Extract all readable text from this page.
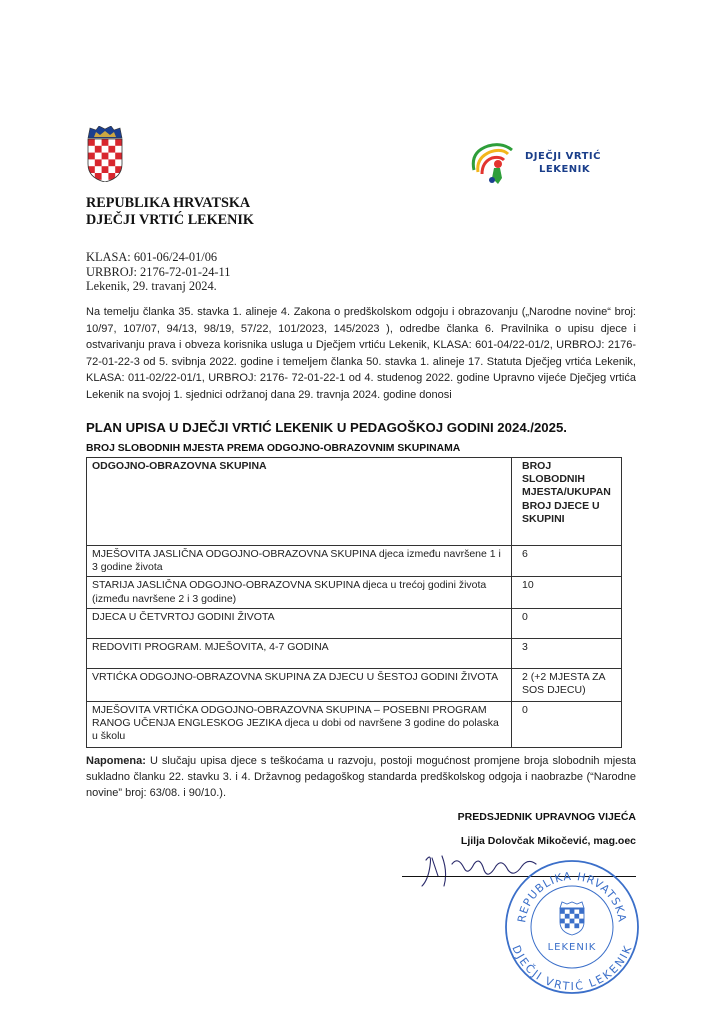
DJEČJI VRTIĆ
LEKENIK
REPUBLIKA HRVATSKA
DJEČJI VRTIĆ LEKENIK
KLASA: 601-06/24-01/06
URBROJ: 2176-72-01-24-11
Lekenik, 29. travanj 2024.
Na temelju članka 35. stavka 1. alineje 4. Zakona o predškolskom odgoju i obrazovanju („Narodne novine“ broj: 10/97, 107/07, 94/13, 98/19, 57/22, 101/2023, 145/2023 ), odredbe članka 6. Pravilnika o upisu djece i ostvarivanju prava i obveza korisnika usluga u Dječjem vrtiću Lekenik, KLASA: 601-04/22-01/2, URBROJ: 2176-72-01-22-3 od 5. svibnja 2022. godine i temeljem članka 50. stavka 1. alineje 17. Statuta Dječjeg vrtića Lekenik, KLASA: 011-02/22-01/1, URBROJ: 2176- 72-01-22-1 od 4. studenog 2022. godine Upravno vijeće Dječjeg vrtića Lekenik na svojoj 1. sjednici održanoj dana 29. travnja 2024. godine donosi
PLAN UPISA U DJEČJI VRTIĆ LEKENIK U PEDAGOŠKOJ GODINI 2024./2025.
BROJ SLOBODNIH MJESTA PREMA ODGOJNO-OBRAZOVNIM SKUPINAMA
ODGOJNO-OBRAZOVNA SKUPINA	BROJ SLOBODNIH MJESTA/UKUPAN BROJ DJECE U SKUPINI
MJEŠOVITA JASLIČNA ODGOJNO-OBRAZOVNA SKUPINA djeca između navršene 1 i 3 godine života	6
STARIJA JASLIČNA ODGOJNO-OBRAZOVNA SKUPINA djeca u trećoj godini života (između navršene 2 i 3 godine)	10
DJECA U ČETVRTOJ GODINI ŽIVOTA	0
REDOVITI PROGRAM. MJEŠOVITA, 4-7 GODINA	3
VRTIĆKA ODGOJNO-OBRAZOVNA SKUPINA ZA DJECU U ŠESTOJ GODINI ŽIVOTA	2 (+2 MJESTA ZA SOS DJECU)
MJEŠOVITA VRTIĆKA ODGOJNO-OBRAZOVNA SKUPINA – POSEBNI PROGRAM RANOG UČENJA ENGLESKOG JEZIKA djeca u dobi od navršene 3 godine do polaska u školu	0
Napomena: U slučaju upisa djece s teškoćama u razvoju, postoji mogućnost promjene broja slobodnih mjesta sukladno članku 22. stavku 3. i 4. Državnog pedagoškog standarda predškolskog odgoja i naobrazbe (“Narodne novine” broj: 63/08. i 90/10.).
PREDSJEDNIK UPRAVNOG VIJEĆA
Ljilja Dolovčak Mikočević, mag.oec
REPUBLIKA HRVATSKA
DJEČJI VRTIĆ LEKENIK
LEKENIK
